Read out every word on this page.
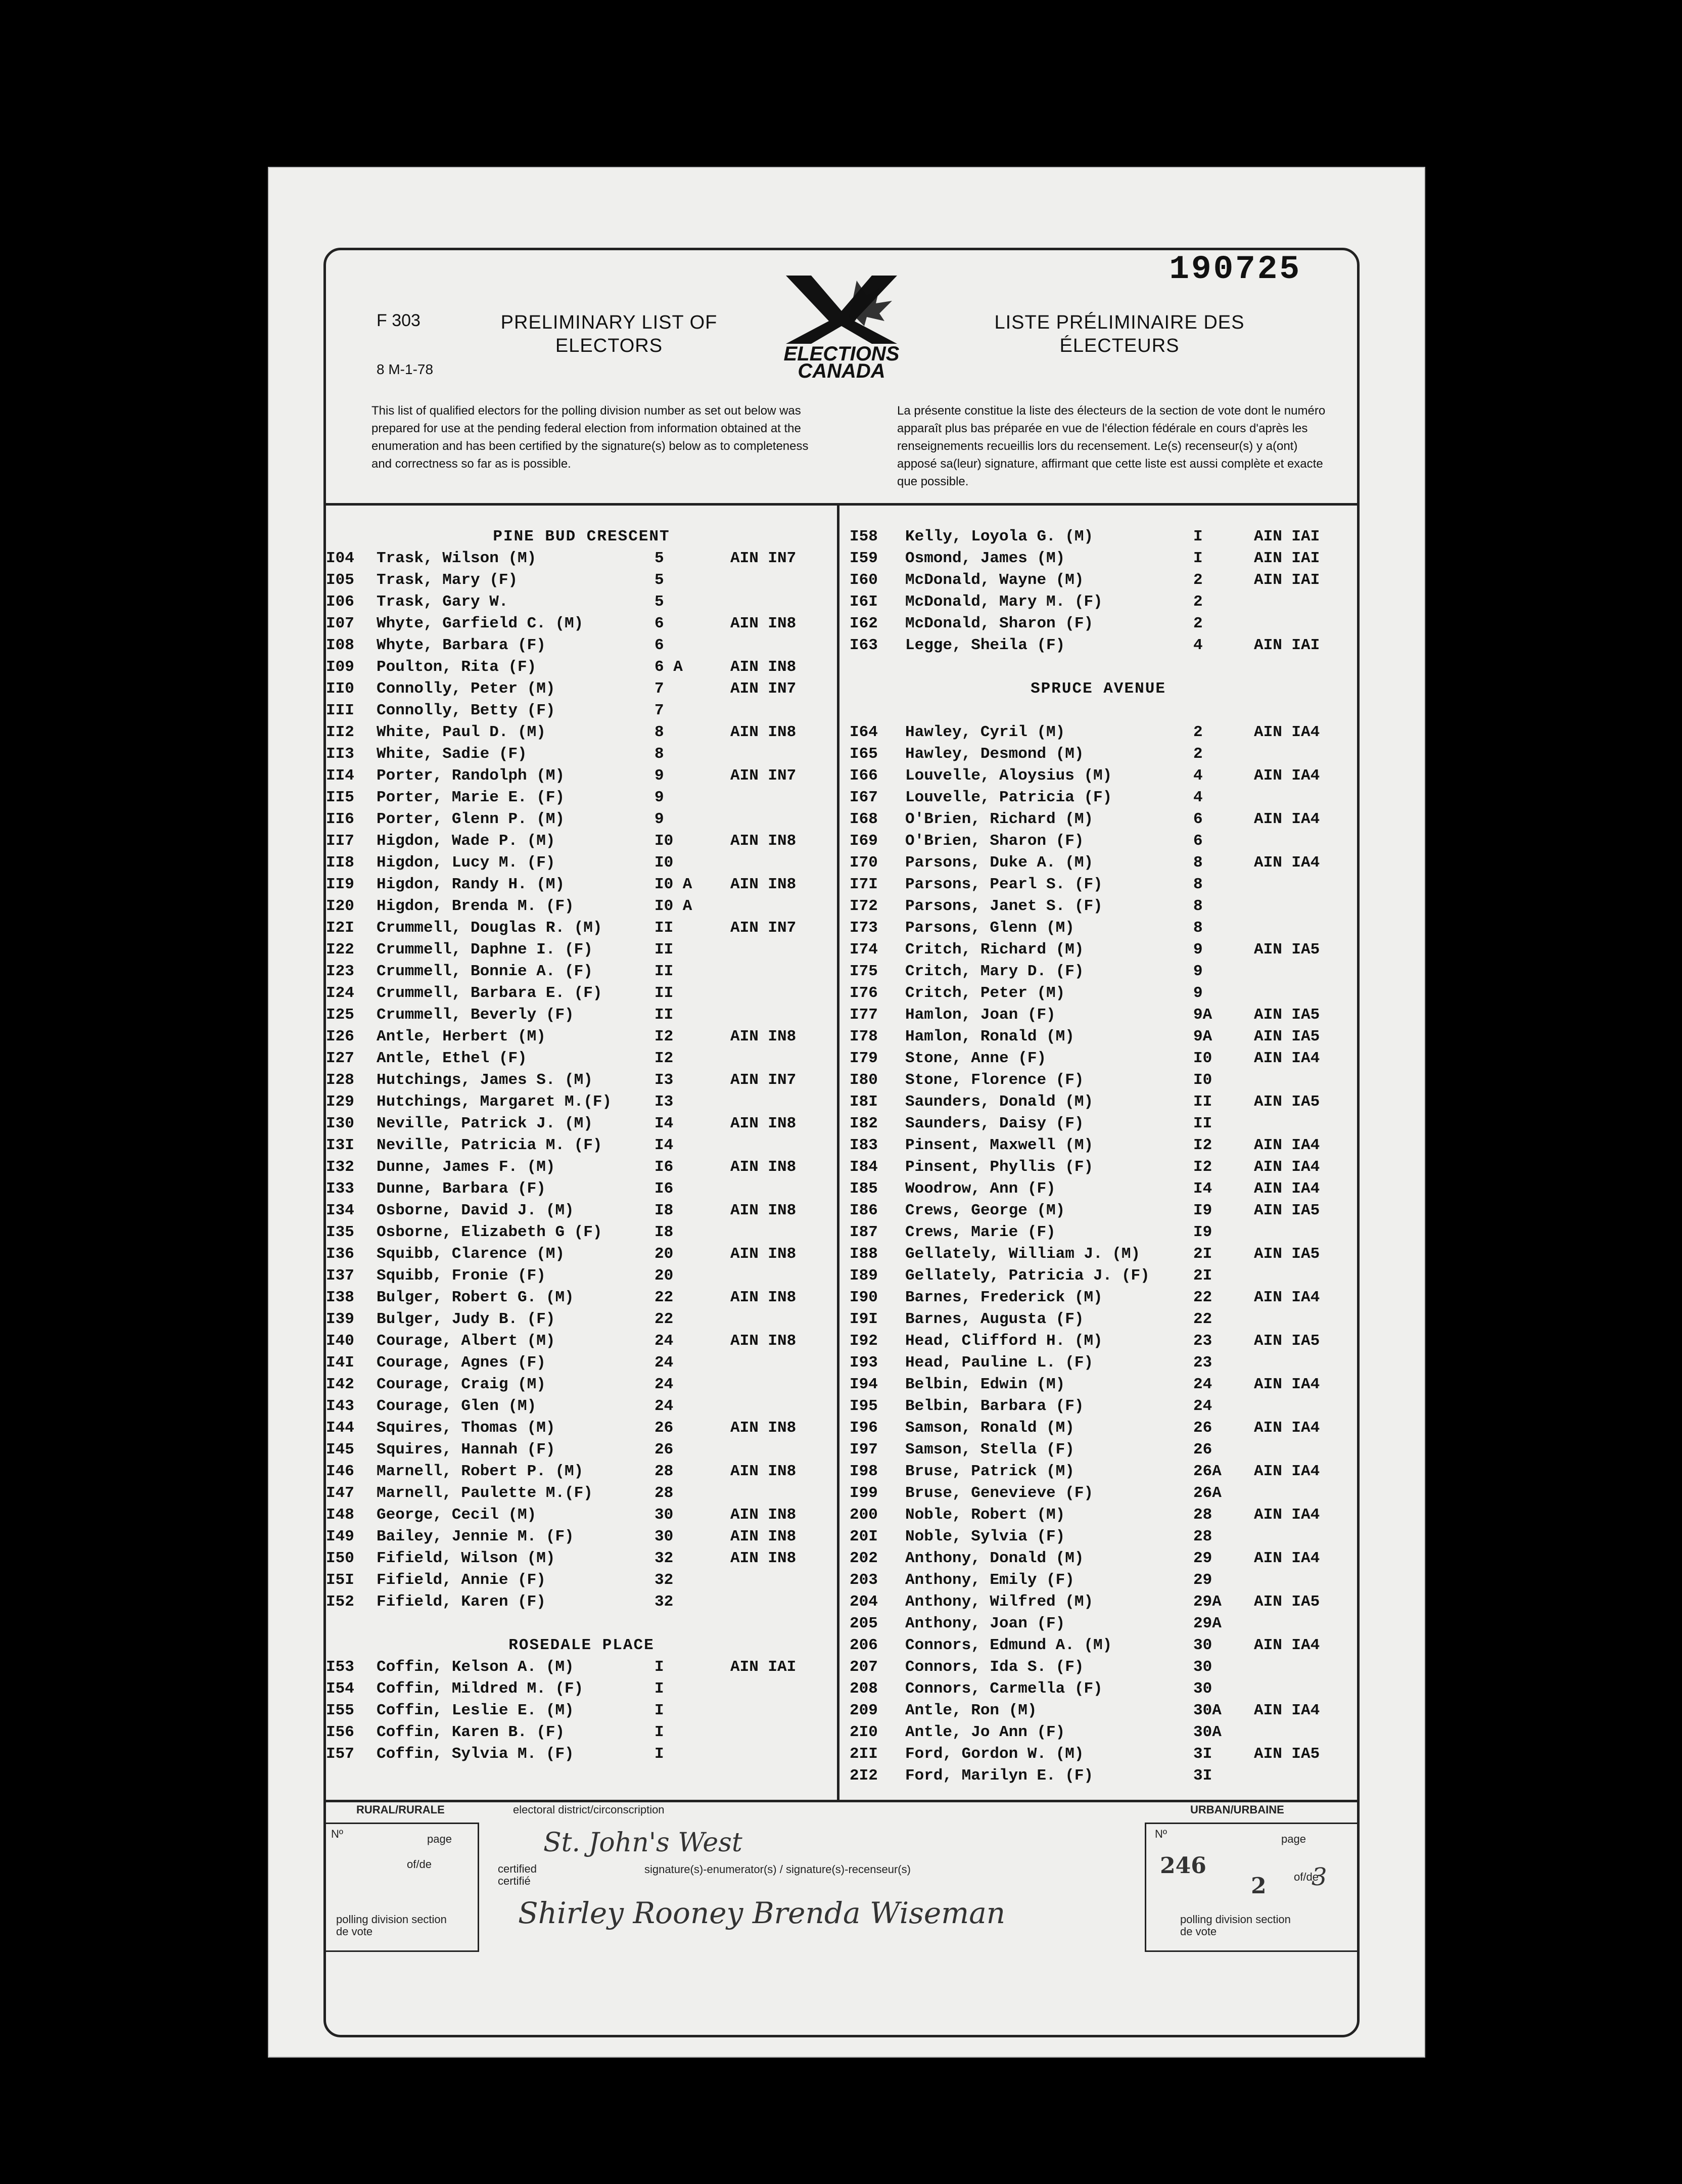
190725
F 303
8 M-1-78
PRELIMINARY LIST OF
ELECTORS	ELECTIONS
CANADA
LISTE PRÉLIMINAIRE DES
ÉLECTEURS
This list of qualified electors for the polling division number as set out below was prepared for use at the pending federal election from information obtained at the enumeration and has been certified by the signature(s) below as to completeness and correctness so far as is possible.
La présente constitue la liste des électeurs de la section de vote dont le numéro apparaît plus bas préparée en vue de l'élection fédérale en cours d'après les renseignements recueillis lors du recensement. Le(s) recenseur(s) y a(ont) apposé sa(leur) signature, affirmant que cette liste est aussi complète et exacte que possible.
PINE BUD CRESCENT
I04 Trask, Wilson (M)	5	AIN IN7
I05 Trask, Mary (F)	5
I06 Trask, Gary W.	5
I07 Whyte, Garfield C. (M)	6	AIN IN8
I08 Whyte, Barbara (F)	6
I09 Poulton, Rita (F)	6 A	AIN IN8
II0 Connolly, Peter (M)	7	AIN IN7
III Connolly, Betty (F)	7
II2 White, Paul D. (M)	8	AIN IN8
II3 White, Sadie (F)	8
II4 Porter, Randolph (M)	9	AIN IN7
II5 Porter, Marie E. (F)	9
II6 Porter, Glenn P. (M)	9
II7 Higdon, Wade P. (M)	I0	AIN IN8
II8 Higdon, Lucy M. (F)	I0
II9 Higdon, Randy H. (M)	I0 A AIN IN8
I20 Higdon, Brenda M. (F)	I0 A
I2I Crummell, Douglas R. (M)	II	AIN IN7
I22 Crummell, Daphne I. (F)	II
I23 Crummell, Bonnie A. (F)	II
I24 Crummell, Barbara E. (F)	II
I25 Crummell, Beverly (F)	II
I26 Antle, Herbert (M)	I2	AIN IN8
I27 Antle, Ethel (F)	I2
I28 Hutchings, James S. (M)	I3	AIN IN7
I29 Hutchings, Margaret M.(F)	I3
I30 Neville, Patrick J. (M)	I4	AIN IN8
I3I Neville, Patricia M. (F)	I4
I32 Dunne, James F. (M)	I6	AIN IN8
I33 Dunne, Barbara (F)	I6
I34 Osborne, David J. (M)	I8	AIN IN8
I35 Osborne, Elizabeth G (F)	I8
I36 Squibb, Clarence (M)	20	AIN IN8
I37 Squibb, Fronie (F)	20
I38 Bulger, Robert G. (M)	22	AIN IN8
I39 Bulger, Judy B. (F)	22
I40 Courage, Albert (M)	24	AIN IN8
I4I Courage, Agnes (F)	24
I42 Courage, Craig (M)	24
I43 Courage, Glen (M)	24
I44 Squires, Thomas (M)	26	AIN IN8
I45 Squires, Hannah (F)	26
I46 Marnell, Robert P. (M)	28	AIN IN8
I47 Marnell, Paulette M.(F)	28
I48 George, Cecil (M)	30	AIN IN8
I49 Bailey, Jennie M. (F)	30	AIN IN8
I50 Fifield, Wilson (M)	32	AIN IN8
I5I Fifield, Annie (F)	32
I52 Fifield, Karen (F)	32
ROSEDALE PLACE
I53 Coffin, Kelson A. (M)	I	AIN IAI
I54 Coffin, Mildred M. (F)	I
I55 Coffin, Leslie E. (M)	I
I56 Coffin, Karen B. (F)	I
I57 Coffin, Sylvia M. (F)	I
I58 Kelly, Loyola G. (M)	I	AIN IAI
I59 Osmond, James (M)	I	AIN IAI
I60 McDonald, Wayne (M)	2	AIN IAI
I6I McDonald, Mary M. (F)	2
I62 McDonald, Sharon (F)	2
I63 Legge, Sheila (F)	4	AIN IAI
SPRUCE AVENUE
I64 Hawley, Cyril (M)	2	AIN IA4
I65 Hawley, Desmond (M)	2
I66 Louvelle, Aloysius (M)	4	AIN IA4
I67 Louvelle, Patricia (F)	4
I68 O'Brien, Richard (M)	6	AIN IA4
I69 O'Brien, Sharon (F)	6
I70 Parsons, Duke A. (M)	8	AIN IA4
I7I Parsons, Pearl S. (F)	8
I72 Parsons, Janet S. (F)	8
I73 Parsons, Glenn (M)	8
I74 Critch, Richard (M)	9	AIN IA5
I75 Critch, Mary D. (F)	9
I76 Critch, Peter (M)	9
I77 Hamlon, Joan (F)	9A	AIN IA5
I78 Hamlon, Ronald (M)	9A	AIN IA5
I79 Stone, Anne (F)	I0	AIN IA4
I80 Stone, Florence (F)	I0
I8I Saunders, Donald (M)	II	AIN IA5
I82 Saunders, Daisy (F)	II
I83 Pinsent, Maxwell (M)	I2	AIN IA4
I84 Pinsent, Phyllis (F)	I2	AIN IA4
I85 Woodrow, Ann (F)	I4	AIN IA4
I86 Crews, George (M)	I9	AIN IA5
I87 Crews, Marie (F)	I9
I88 Gellately, William J. (M)	2I	AIN IA5
I89 Gellately, Patricia J. (F)	2I
I90 Barnes, Frederick (M)	22	AIN IA4
I9I Barnes, Augusta (F)	22
I92 Head, Clifford H. (M)	23	AIN IA5
I93 Head, Pauline L. (F)	23
I94 Belbin, Edwin (M)	24	AIN IA4
I95 Belbin, Barbara (F)	24
I96 Samson, Ronald (M)	26	AIN IA4
I97 Samson, Stella (F)	26
I98 Bruse, Patrick (M)	26A AIN IA4
I99 Bruse, Genevieve (F)	26A
200 Noble, Robert (M)	28	AIN IA4
20I Noble, Sylvia (F)	28
202 Anthony, Donald (M)	29	AIN IA4
203 Anthony, Emily (F)	29
204 Anthony, Wilfred (M)	29A AIN IA5
205 Anthony, Joan (F)	29A
206 Connors, Edmund A. (M)	30	AIN IA4
207 Connors, Ida S. (F)	30
208 Connors, Carmella (F)	30
209 Antle, Ron (M)	30A AIN IA4
2I0 Antle, Jo Ann (F)	30A
2II Ford, Gordon W. (M)	3I	AIN IA5
2I2 Ford, Marilyn E. (F)	3I
RURAL/RURALE	electoral district/circonscription
St. John's West
Nº	page
of/de
polling division section de vote
certified certifié
signature(s)-enumerator(s) / signature(s)-recenseur(s)
Shirley Rooney Brenda Wiseman
URBAN/URBAINE
Nº	page
246
2 of/de
3
polling division section de vote
